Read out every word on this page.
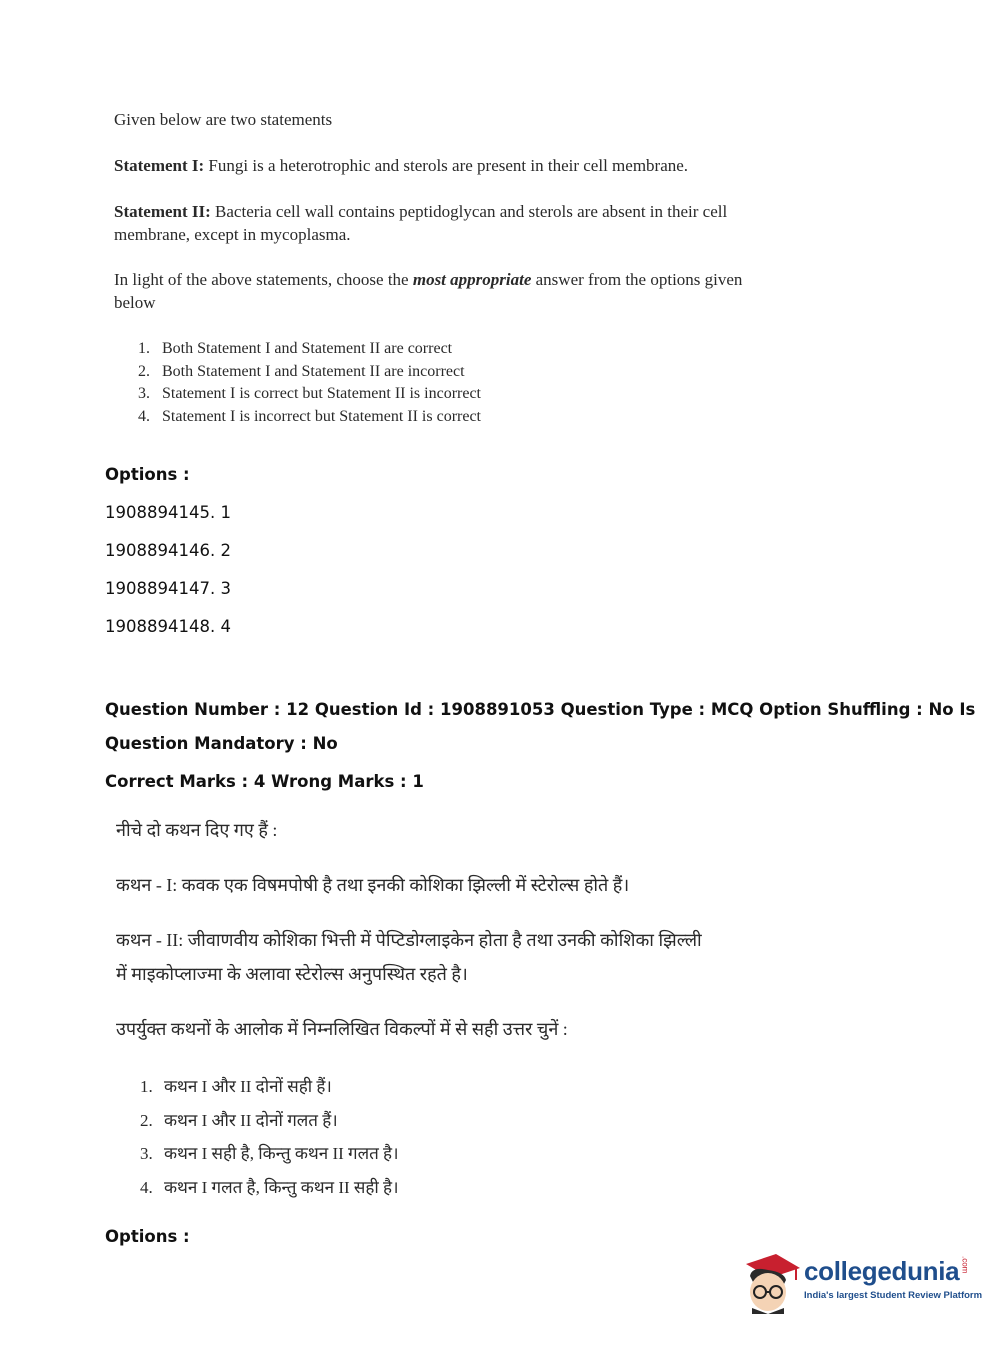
Given below are two statements

Statement I: Fungi is a heterotrophic and sterols are present in their cell membrane.

Statement II: Bacteria cell wall contains peptidoglycan and sterols are absent in their cell
membrane, except in mycoplasma.

In light of the above statements, choose the most appropriate answer from the options given
below

1. Both Statement I and Statement II are correct
2. Both Statement I and Statement II are incorrect
3. Statement I is correct but Statement II is incorrect
4. Statement I is incorrect but Statement II is correct
Options :
1908894145. 1
1908894146. 2
1908894147. 3
1908894148. 4
Question Number : 12 Question Id : 1908891053 Question Type : MCQ Option Shuffling : No Is
Question Mandatory : No
Correct Marks : 4 Wrong Marks : 1

नीचे दो कथन दिए गए हैं :

कथन - I: कवक एक विषमपोषी है तथा इनकी कोशिका झिल्ली में स्टेरोल्स होते हैं।

कथन - II: जीवाणवीय कोशिका भित्ती में पेप्टिडोग्लाइकेन होता है तथा उनकी कोशिका झिल्ली
में माइकोप्लाज्मा के अलावा स्टेरोल्स अनुपस्थित रहते है।

उपर्युक्त कथनों के आलोक में निम्नलिखित विकल्पों में से सही उत्तर चुनें :

1. कथन I और II दोनों सही हैं।
2. कथन I और II दोनों गलत हैं।
3. कथन I सही है, किन्तु कथन II गलत है।
4. कथन I गलत है, किन्तु कथन II सही है।
Options :
collegedunia.com
India's largest Student Review Platform
